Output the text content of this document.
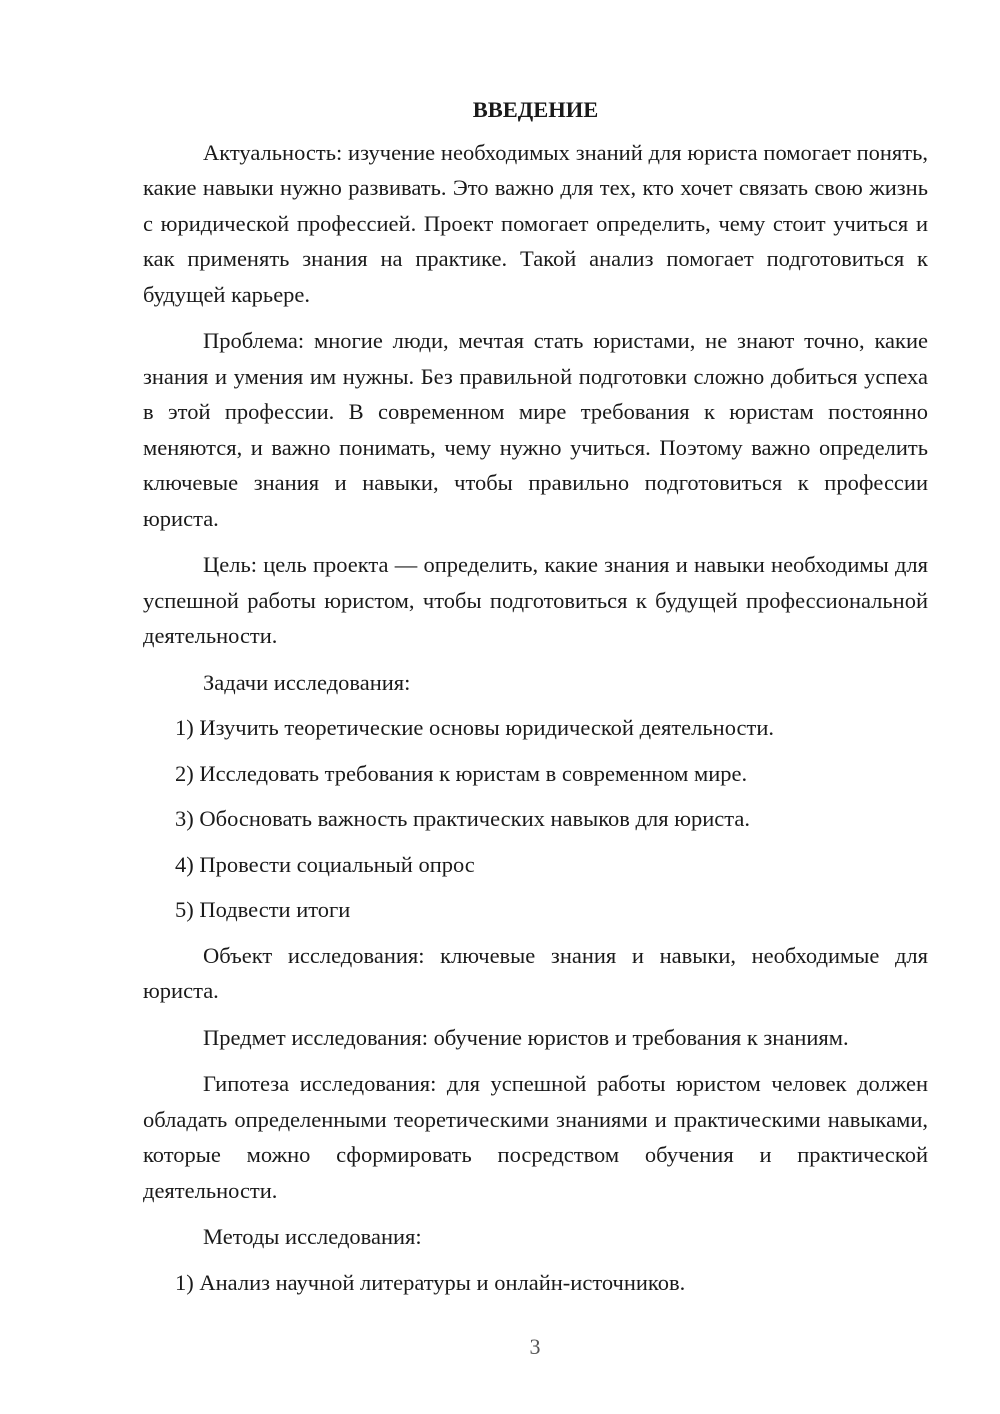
ВВЕДЕНИЕ

Актуальность: изучение необходимых знаний для юриста помогает понять, какие навыки нужно развивать. Это важно для тех, кто хочет связать свою жизнь с юридической профессией. Проект помогает определить, чему стоит учиться и как применять знания на практике. Такой анализ помогает подготовиться к будущей карьере.

Проблема: многие люди, мечтая стать юристами, не знают точно, какие знания и умения им нужны. Без правильной подготовки сложно добиться успеха в этой профессии. В современном мире требования к юристам постоянно меняются, и важно понимать, чему нужно учиться. Поэтому важно определить ключевые знания и навыки, чтобы правильно подготовиться к профессии юриста.

Цель: цель проекта — определить, какие знания и навыки необходимы для успешной работы юристом, чтобы подготовиться к будущей профессиональной деятельности.

Задачи исследования:

1) Изучить теоретические основы юридической деятельности.

2) Исследовать требования к юристам в современном мире.

3) Обосновать важность практических навыков для юриста.

4) Провести социальный опрос

5) Подвести итоги

Объект исследования: ключевые знания и навыки, необходимые для юриста.

Предмет исследования: обучение юристов и требования к знаниям.

Гипотеза исследования: для успешной работы юристом человек должен обладать определенными теоретическими знаниями и практическими навыками, которые можно сформировать посредством обучения и практической деятельности.

Методы исследования:

1) Анализ научной литературы и онлайн-источников.

3
